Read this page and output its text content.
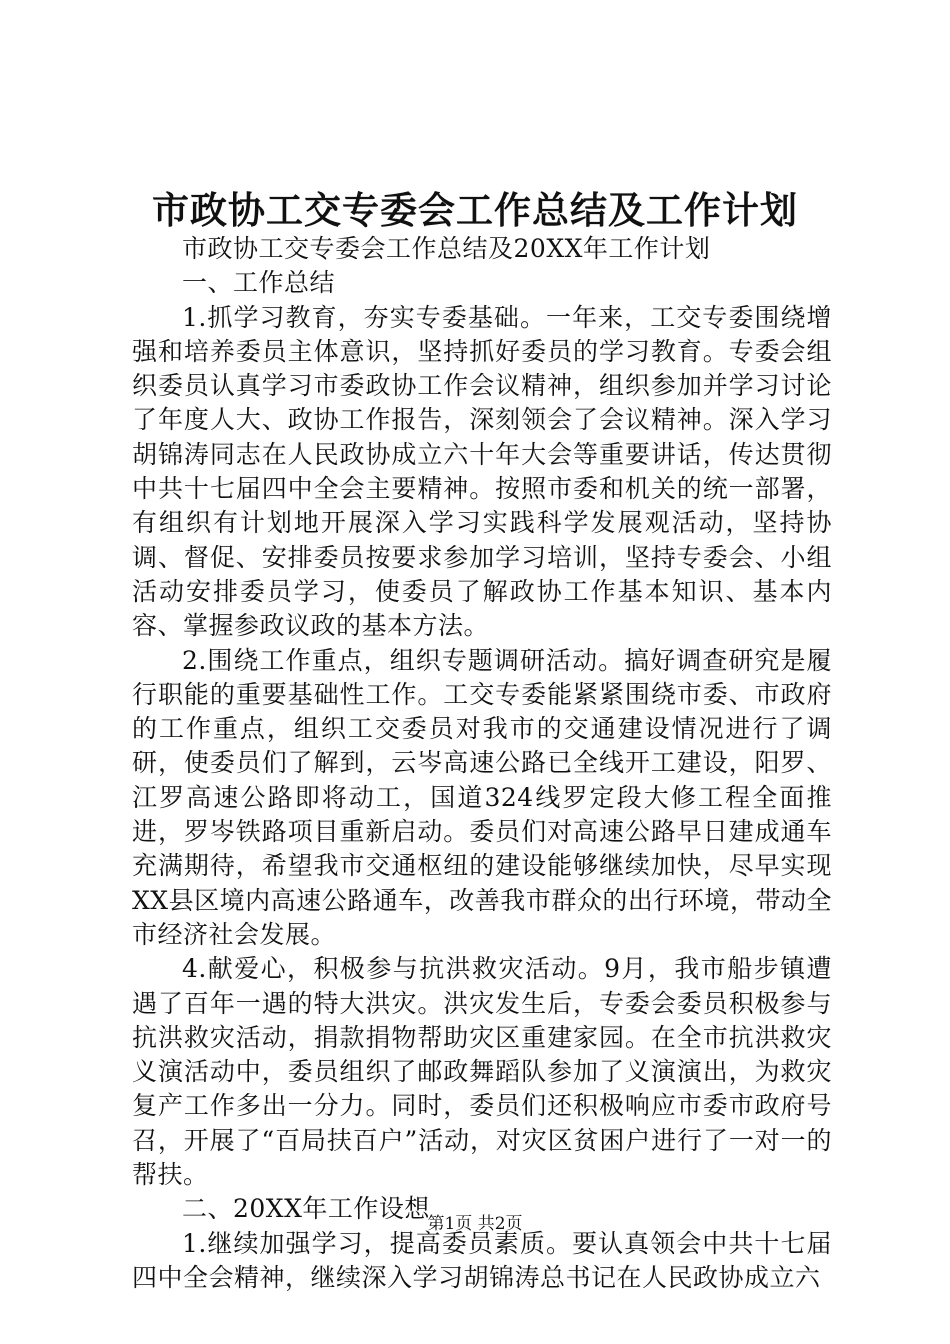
市政协工交专委会工作总结及工作计划

市政协工交专委会工作总结及20XX年工作计划

一、工作总结

1.抓学习教育，夯实专委基础。一年来，工交专委围绕增强和培养委员主体意识，坚持抓好委员的学习教育。专委会组织委员认真学习市委政协工作会议精神，组织参加并学习讨论了年度人大、政协工作报告，深刻领会了会议精神。深入学习胡锦涛同志在人民政协成立六十年大会等重要讲话，传达贯彻中共十七届四中全会主要精神。按照市委和机关的统一部署，有组织有计划地开展深入学习实践科学发展观活动，坚持协调、督促、安排委员按要求参加学习培训，坚持专委会、小组活动安排委员学习，使委员了解政协工作基本知识、基本内容、掌握参政议政的基本方法。

2.围绕工作重点，组织专题调研活动。搞好调查研究是履行职能的重要基础性工作。工交专委能紧紧围绕市委、市政府的工作重点，组织工交委员对我市的交通建设情况进行了调研，使委员们了解到，云岑高速公路已全线开工建设，阳罗、江罗高速公路即将动工，国道324线罗定段大修工程全面推进，罗岑铁路项目重新启动。委员们对高速公路早日建成通车充满期待，希望我市交通枢纽的建设能够继续加快，尽早实现XX县区境内高速公路通车，改善我市群众的出行环境，带动全市经济社会发展。

4.献爱心，积极参与抗洪救灾活动。9月，我市船步镇遭遇了百年一遇的特大洪灾。洪灾发生后，专委会委员积极参与抗洪救灾活动，捐款捐物帮助灾区重建家园。在全市抗洪救灾义演活动中，委员组织了邮政舞蹈队参加了义演演出，为救灾复产工作多出一分力。同时，委员们还积极响应市委市政府号召，开展了“百局扶百户”活动，对灾区贫困户进行了一对一的帮扶。

二、20XX年工作设想

1.继续加强学习，提高委员素质。要认真领会中共十七届四中全会精神，继续深入学习胡锦涛总书记在人民政协成立六

第1页 共2页
